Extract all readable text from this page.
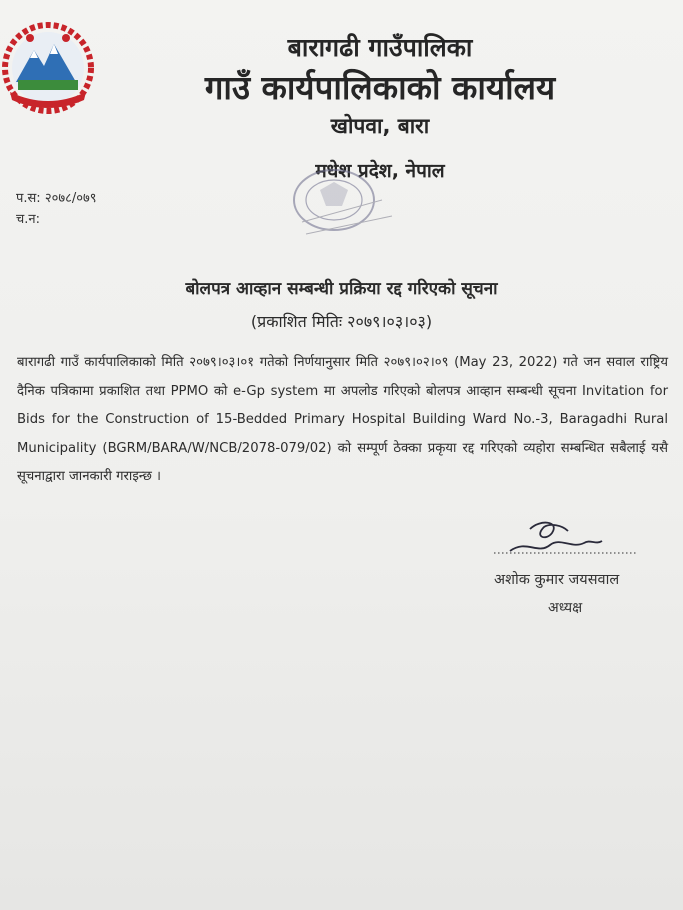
बारागढी गाउँपालिका
गाउँ कार्यपालिकाको कार्यालय
खोपवा, बारा
मधेश प्रदेश, नेपाल
प.स: २०७८/०७९
च.न:
बोलपत्र आव्हान सम्बन्धी प्रक्रिया रद्द गरिएको सूचना
(प्रकाशित मितिः २०७९।०३।०३)
बारागढी गाउँ कार्यपालिकाको मिति २०७९।०३।०१ गतेको निर्णयानुसार मिति २०७९।०२।०९ (May 23, 2022) गते जन सवाल राष्ट्रिय दैनिक पत्रिकामा प्रकाशित तथा PPMO को e-Gp system मा अपलोड गरिएको बोलपत्र आव्हान सम्बन्धी सूचना Invitation for Bids for the Construction of 15-Bedded Primary Hospital Building Ward No.-3, Baragadhi Rural Municipality (BGRM/BARA/W/NCB/2078-079/02) को सम्पूर्ण ठेक्का प्रकृया रद्द गरिएको व्यहोरा सम्बन्धित सबैलाई यसै सूचनाद्वारा जानकारी गराइन्छ ।
अशोक कुमार जयसवाल
अध्यक्ष
